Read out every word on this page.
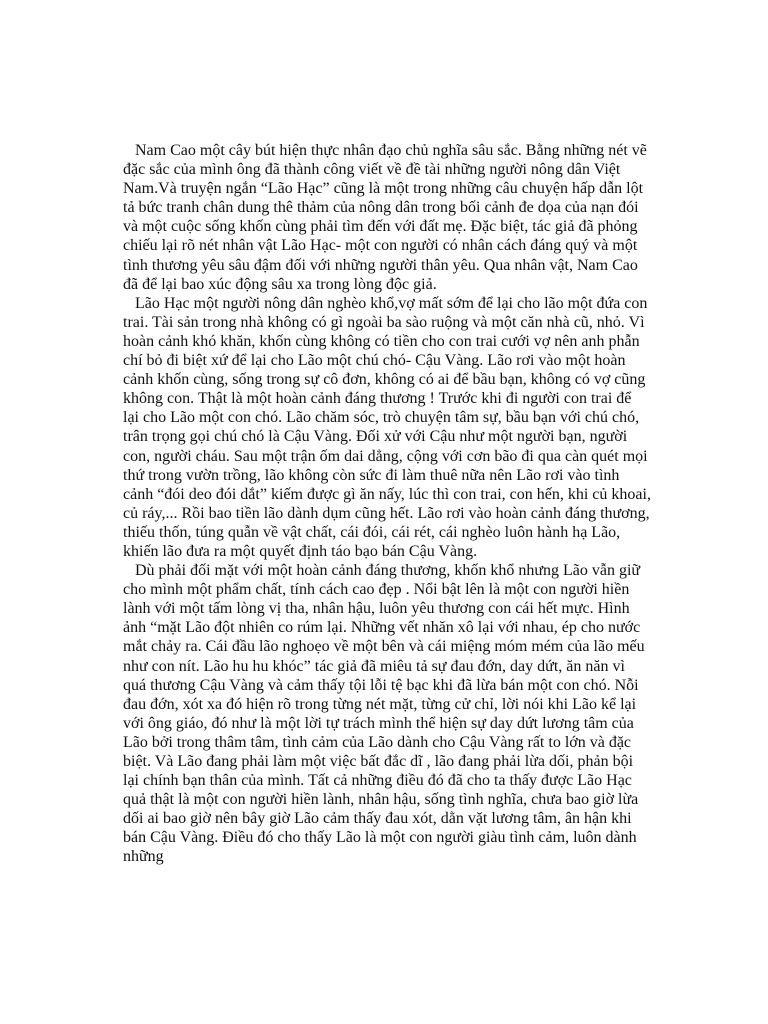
Nam Cao một cây bút hiện thực nhân đạo chủ nghĩa sâu sắc. Bằng những nét vẽ đặc sắc của mình ông đã thành công viết về đề tài những người nông dân Việt Nam.Và truyện ngắn “Lão Hạc” cũng là một trong những câu chuyện hấp dẫn lột tả bức tranh chân dung thê thảm của nông dân trong bối cảnh đe dọa của nạn đói và một cuộc sống khốn cùng phải tìm đến với đất mẹ. Đặc biệt, tác giả đã phỏng chiếu lại rõ nét nhân vật Lão Hạc- một con người có nhân cách đáng quý và một tình thương yêu sâu đậm đối với những người thân yêu. Qua nhân vật, Nam Cao đã để lại bao xúc động sâu xa trong lòng độc giả.

Lão Hạc một người nông dân nghèo khổ,vợ mất sớm để lại cho lão một đứa con trai. Tài sản trong nhà không có gì ngoài ba sào ruộng và một căn nhà cũ, nhỏ. Vì hoàn cảnh khó khăn, khốn cùng không có tiền cho con trai cưới vợ nên anh phẫn chí bỏ đi biệt xứ để lại cho Lão một chú chó- Cậu Vàng. Lão rơi vào một hoàn cảnh khốn cùng, sống trong sự cô đơn, không có ai để bầu bạn, không có vợ cũng không con. Thật là một hoàn cảnh đáng thương ! Trước khi đi người con trai để lại cho Lão một con chó. Lão chăm sóc, trò chuyện tâm sự, bầu bạn với chú chó, trân trọng gọi chú chó là Cậu Vàng. Đối xử với Cậu như một người bạn, người con, người cháu. Sau một trận ốm dai dẳng, cộng với cơn bão đi qua càn quét mọi thứ trong vườn trồng, lão không còn sức đi làm thuê nữa nên Lão rơi vào tình cảnh “đói deo đói dắt” kiếm được gì ăn nấy, lúc thì con trai, con hến, khi củ khoai, củ ráy,... Rồi bao tiền lão dành dụm cũng hết. Lão rơi vào hoàn cảnh đáng thương, thiếu thốn, túng quẫn về vật chất, cái đói, cái rét, cái nghèo luôn hành hạ Lão, khiến lão đưa ra một quyết định táo bạo bán Cậu Vàng.

Dù phải đối mặt với một hoàn cảnh đáng thương, khốn khổ nhưng Lão vẫn giữ cho mình một phẩm chất, tính cách cao đẹp . Nổi bật lên là một con người hiền lành với một tấm lòng vị tha, nhân hậu, luôn yêu thương con cái hết mực. Hình ảnh “mặt Lão đột nhiên co rúm lại. Những vết nhăn xô lại với nhau, ép cho nước mắt chảy ra. Cái đầu lão nghoẹo về một bên và cái miệng móm mém của lão mếu như con nít. Lão hu hu khóc” tác giả đã miêu tả sự đau đớn, day dứt, ăn năn vì quá thương Cậu Vàng và cảm thấy tội lỗi tệ bạc khi đã lừa bán một con chó. Nỗi đau đớn, xót xa đó hiện rõ trong từng nét mặt, từng cử chỉ, lời nói khi Lão kể lại với ông giáo, đó như là một lời tự trách mình thể hiện sự day dứt lương tâm của Lão bởi trong thâm tâm, tình cảm của Lão dành cho Cậu Vàng rất to lớn và đặc biệt. Và Lão đang phải làm một việc bất đắc dĩ , lão đang phải lừa dối, phản bội lại chính bạn thân của mình. Tất cả những điều đó đã cho ta thấy được Lão Hạc quả thật là một con người hiền lành, nhân hậu, sống tình nghĩa, chưa bao giờ lừa dối ai bao giờ nên bây giờ Lão cảm thấy đau xót, dằn vặt lương tâm, ân hận khi bán Cậu Vàng. Điều đó cho thấy Lão là một con người giàu tình cảm, luôn dành những
